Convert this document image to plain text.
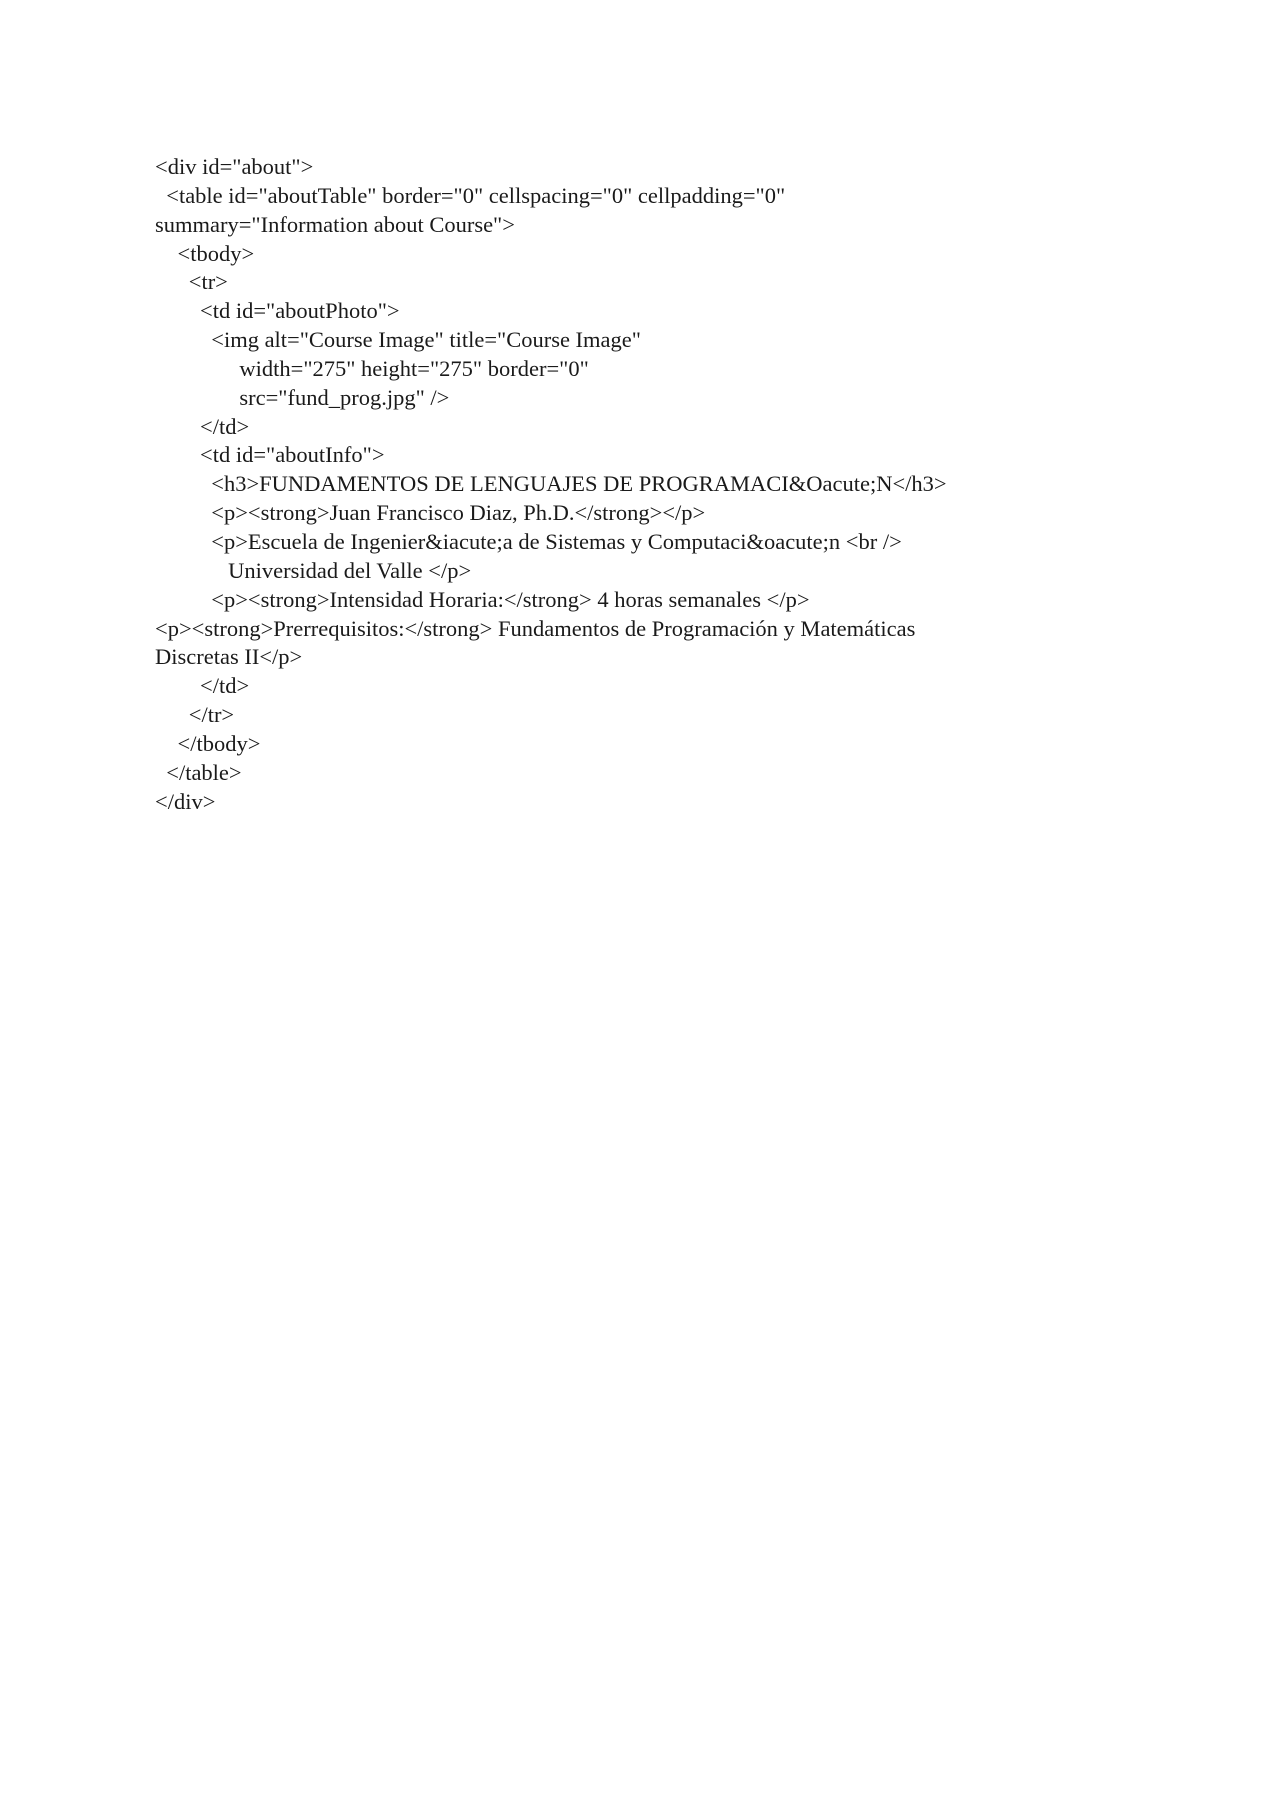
<div id="about">
<table id="aboutTable" border="0" cellspacing="0" cellpadding="0"
summary="Information about Course">
<tbody>
<tr>
<td id="aboutPhoto">
<img alt="Course Image" title="Course Image"
width="275" height="275" border="0"
src="fund_prog.jpg" />
</td>
<td id="aboutInfo">
<h3>FUNDAMENTOS DE LENGUAJES DE PROGRAMACI&Oacute;N</h3>
<p><strong>Juan Francisco Diaz, Ph.D.</strong></p>
<p>Escuela de Ingenier&iacute;a de Sistemas y Computaci&oacute;n <br />
Universidad del Valle </p>
<p><strong>Intensidad Horaria:</strong> 4 horas semanales </p>
<p><strong>Prerrequisitos:</strong> Fundamentos de Programación y Matemáticas
Discretas II</p>
</td>
</tr>
</tbody>
</table>
</div>
